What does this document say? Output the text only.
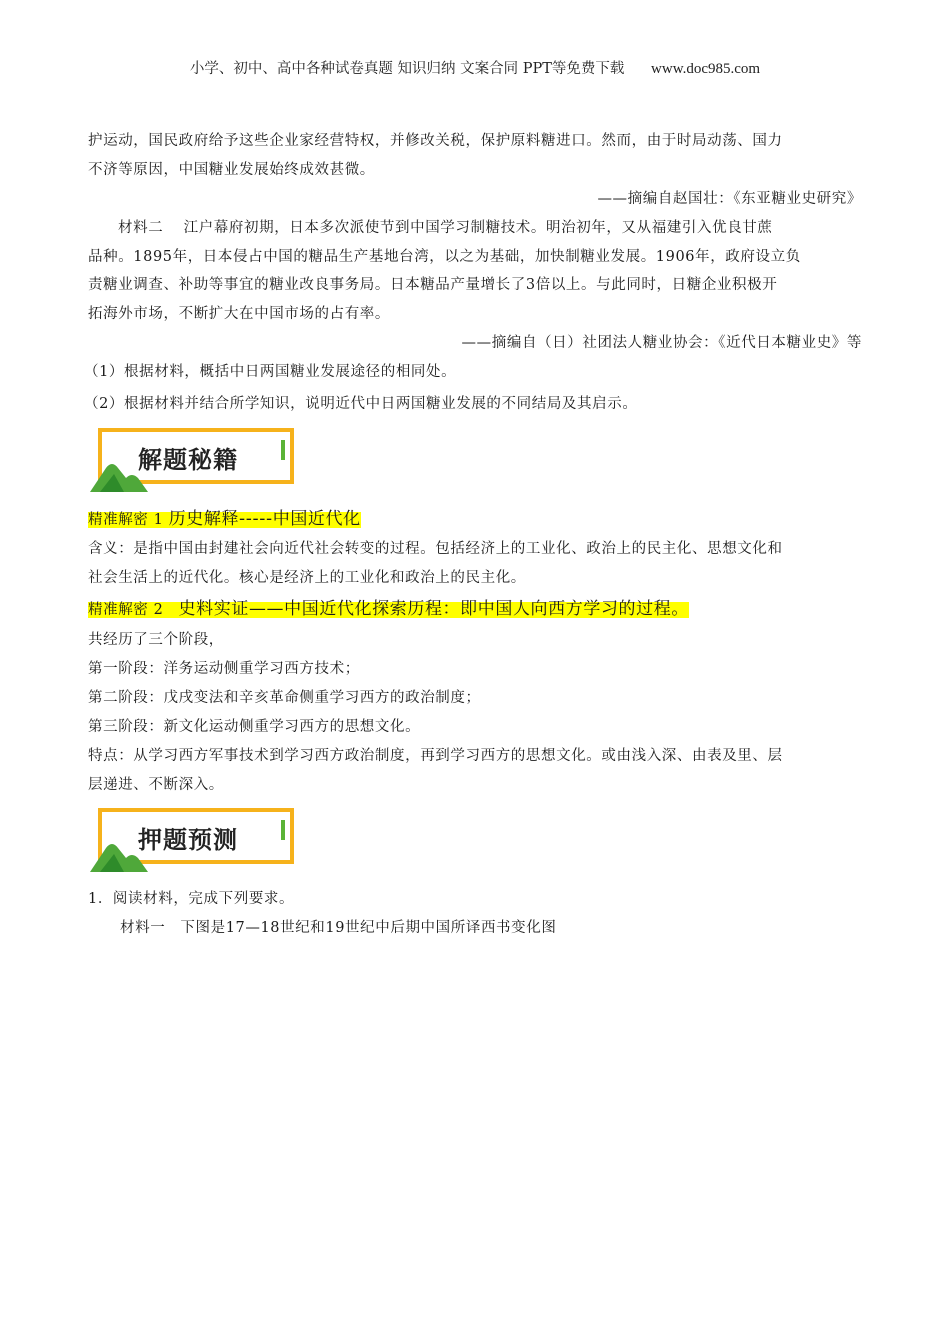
小学、初中、高中各种试卷真题 知识归纳 文案合同 PPT等免费下载 www.doc985.com
护运动，国民政府给予这些企业家经营特权，并修改关税，保护原料糖进口。然而，由于时局动荡、国力
不济等原因，中国糖业发展始终成效甚微。
——摘编自赵国壮：《东亚糖业史研究》
材料二　 江户幕府初期，日本多次派使节到中国学习制糖技术。明治初年，又从福建引入优良甘蔗
品种。1895年，日本侵占中国的糖品生产基地台湾，以之为基础，加快制糖业发展。1906年，政府设立负
责糖业调查、补助等事宜的糖业改良事务局。日本糖品产量增长了3倍以上。与此同时，日糖企业积极开
拓海外市场，不断扩大在中国市场的占有率。
——摘编自（日）社团法人糖业协会：《近代日本糖业史》等
（1）根据材料，概括中日两国糖业发展途径的相同处。
（2）根据材料并结合所学知识，说明近代中日两国糖业发展的不同结局及其启示。
解题秘籍
精准解密 1 历史解释-----中国近代化
含义：是指中国由封建社会向近代社会转变的过程。包括经济上的工业化、政治上的民主化、思想文化和
社会生活上的近代化。核心是经济上的工业化和政治上的民主化。
精准解密 2　史料实证——中国近代化探索历程：即中国人向西方学习的过程。
共经历了三个阶段，
第一阶段：洋务运动侧重学习西方技术；
第二阶段：戊戌变法和辛亥革命侧重学习西方的政治制度；
第三阶段：新文化运动侧重学习西方的思想文化。
特点：从学习西方军事技术到学习西方政治制度，再到学习西方的思想文化。或由浅入深、由表及里、层
层递进、不断深入。
押题预测
1．阅读材料，完成下列要求。
材料一　下图是17—18世纪和19世纪中后期中国所译西书变化图
